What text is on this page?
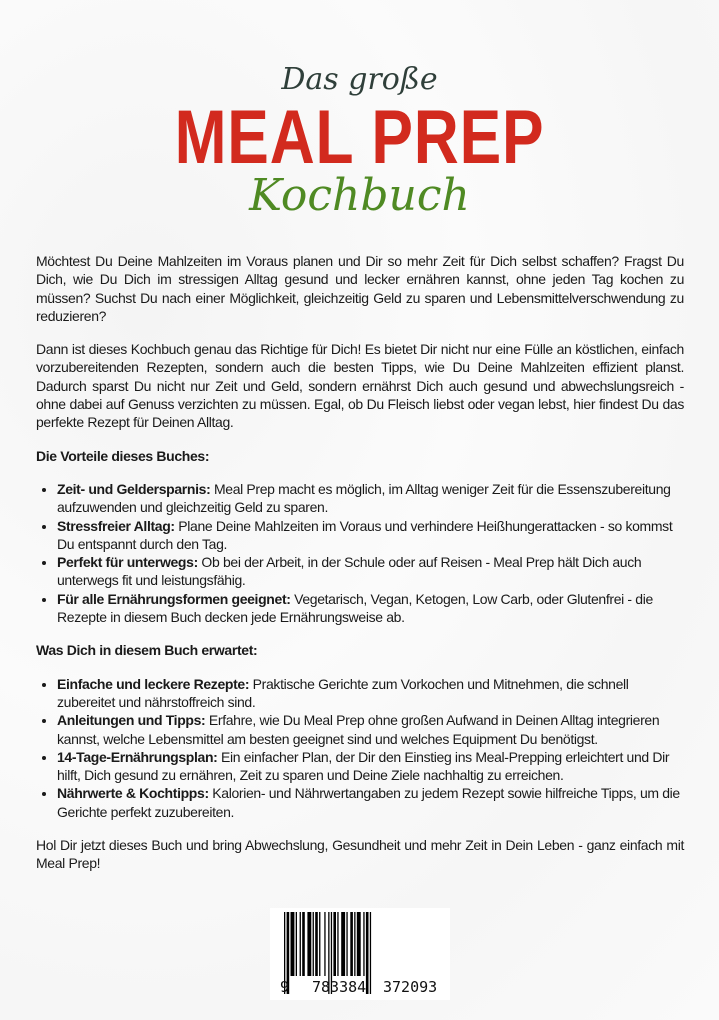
Das große
MEAL PREP
Kochbuch

Möchtest Du Deine Mahlzeiten im Voraus planen und Dir so mehr Zeit für Dich selbst schaffen? Fragst Du Dich, wie Du Dich im stressigen Alltag gesund und lecker ernähren kannst, ohne jeden Tag kochen zu müssen? Suchst Du nach einer Möglichkeit, gleichzeitig Geld zu sparen und Lebensmittelverschwendung zu reduzieren?

Dann ist dieses Kochbuch genau das Richtige für Dich! Es bietet Dir nicht nur eine Fülle an köstlichen, einfach vorzubereitenden Rezepten, sondern auch die besten Tipps, wie Du Deine Mahlzeiten effizient planst. Dadurch sparst Du nicht nur Zeit und Geld, sondern ernährst Dich auch gesund und abwechslungsreich - ohne dabei auf Genuss verzichten zu müssen. Egal, ob Du Fleisch liebst oder vegan lebst, hier findest Du das perfekte Rezept für Deinen Alltag.

Die Vorteile dieses Buches:
• Zeit- und Geldersparnis: Meal Prep macht es möglich, im Alltag weniger Zeit für die Essenszubereitung aufzuwenden und gleichzeitig Geld zu sparen.
• Stressfreier Alltag: Plane Deine Mahlzeiten im Voraus und verhindere Heißhungerattacken - so kommst Du entspannt durch den Tag.
• Perfekt für unterwegs: Ob bei der Arbeit, in der Schule oder auf Reisen - Meal Prep hält Dich auch unterwegs fit und leistungsfähig.
• Für alle Ernährungsformen geeignet: Vegetarisch, Vegan, Ketogen, Low Carb, oder Glutenfrei - die Rezepte in diesem Buch decken jede Ernährungsweise ab.
Was Dich in diesem Buch erwartet:
• Einfache und leckere Rezepte: Praktische Gerichte zum Vorkochen und Mitnehmen, die schnell zubereitet und nährstoffreich sind.
• Anleitungen und Tipps: Erfahre, wie Du Meal Prep ohne großen Aufwand in Deinen Alltag integrieren kannst, welche Lebensmittel am besten geeignet sind und welches Equipment Du benötigst.
• 14-Tage-Ernährungsplan: Ein einfacher Plan, der Dir den Einstieg ins Meal-Prepping erleichtert und Dir hilft, Dich gesund zu ernähren, Zeit zu sparen und Deine Ziele nachhaltig zu erreichen.
• Nährwerte & Kochtipps: Kalorien- und Nährwertangaben zu jedem Rezept sowie hilfreiche Tipps, um die Gerichte perfekt zuzubereiten.

Hol Dir jetzt dieses Buch und bring Abwechslung, Gesundheit und mehr Zeit in Dein Leben - ganz einfach mit Meal Prep!

9 783384 372093
